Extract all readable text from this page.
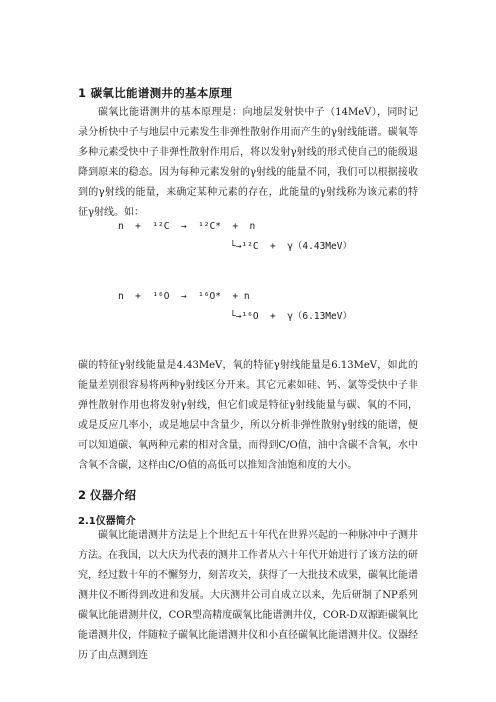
1 碳氧比能谱测井的基本原理
碳氧比能谱测井的基本原理是：向地层发射快中子（14MeV），同时记录分析快中子与地层中元素发生非弹性散射作用而产生的γ射线能谱。碳氧等多种元素受快中子非弹性散射作用后，将以发射γ射线的形式使自己的能级退降到原来的稳态。因为每种元素发射的γ射线的能量不同，我们可以根据接收到的γ射线的能量，来确定某种元素的存在，此能量的γ射线称为该元素的特征γ射线。如：
n  +  ¹²C  →  ¹²C*  +  n
└→¹²C  +  γ（4.43MeV）
n  +  ¹⁶O  →  ¹⁶O*  + n
└→¹⁶O  +  γ（6.13MeV）
碳的特征γ射线能量是4.43MeV，氧的特征γ射线能量是6.13MeV，如此的能量差别很容易将两种γ射线区分开来。其它元素如硅、钙、氯等受快中子非弹性散射作用也将发射γ射线，但它们或是特征γ射线能量与碳、氧的不同，或是反应几率小，或是地层中含量少，所以分析非弹性散射γ射线的能谱，便可以知道碳、氧两种元素的相对含量，而得到C/O值，油中含碳不含氧，水中含氧不含碳，这样由C/O值的高低可以推知含油饱和度的大小。
2 仪器介绍
2.1仪器简介
碳氧比能谱测井方法是上个世纪五十年代在世界兴起的一种脉冲中子测井方法。在我国，以大庆为代表的测井工作者从六十年代开始进行了该方法的研究，经过数十年的不懈努力，刻苦攻关，获得了一大批技术成果，碳氧比能谱测井仪不断得到改进和发展。大庆测井公司自成立以来，先后研制了NP系列碳氧比能谱测井仪，COR型高精度碳氧比能谱测井仪，COR-D双源距碳氧比能谱测井仪，伴随粒子碳氧比能谱测井仪和小直径碳氧比能谱测井仪。仪器经历了由点测到连
